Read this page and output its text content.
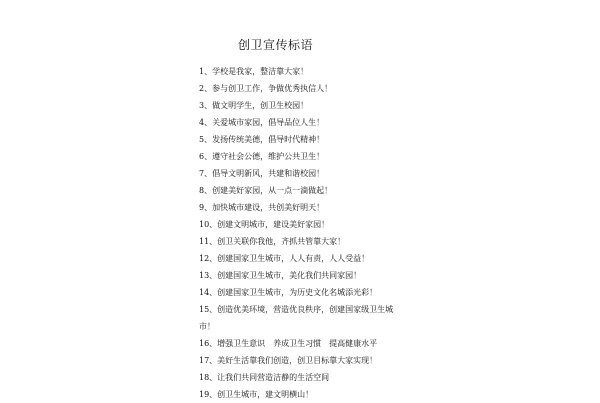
创卫宣传标语
1、学校是我家，整洁靠大家！
2、参与创卫工作，争做优秀执信人！
3、做文明学生，创卫生校园！
4、关爱城市家园，倡导品位人生！
5、发扬传统美德，倡导时代精神！
6、遵守社会公德，维护公共卫生！
7、倡导文明新风，共建和谐校园！
8、创建美好家园，从一点一滴做起！
9、加快城市建设，共创美好明天！
10、创建文明城市，建设美好家园！
11、创卫关联你我他，齐抓共管靠大家！
12、创建国家卫生城市，人人有责，人人受益！
13、创建国家卫生城市，美化我们共同家园！
14、创建国家卫生城市，为历史文化名城添光彩！
15、创造优美环境，营造优良秩序，创建国家级卫生城市！
16、增强卫生意识　养成卫生习惯　提高健康水平
17、美好生活靠我们创造，创卫目标靠大家实现！
18、让我们共同营造洁静的生活空间
19、创卫生城市，建文明横山！
